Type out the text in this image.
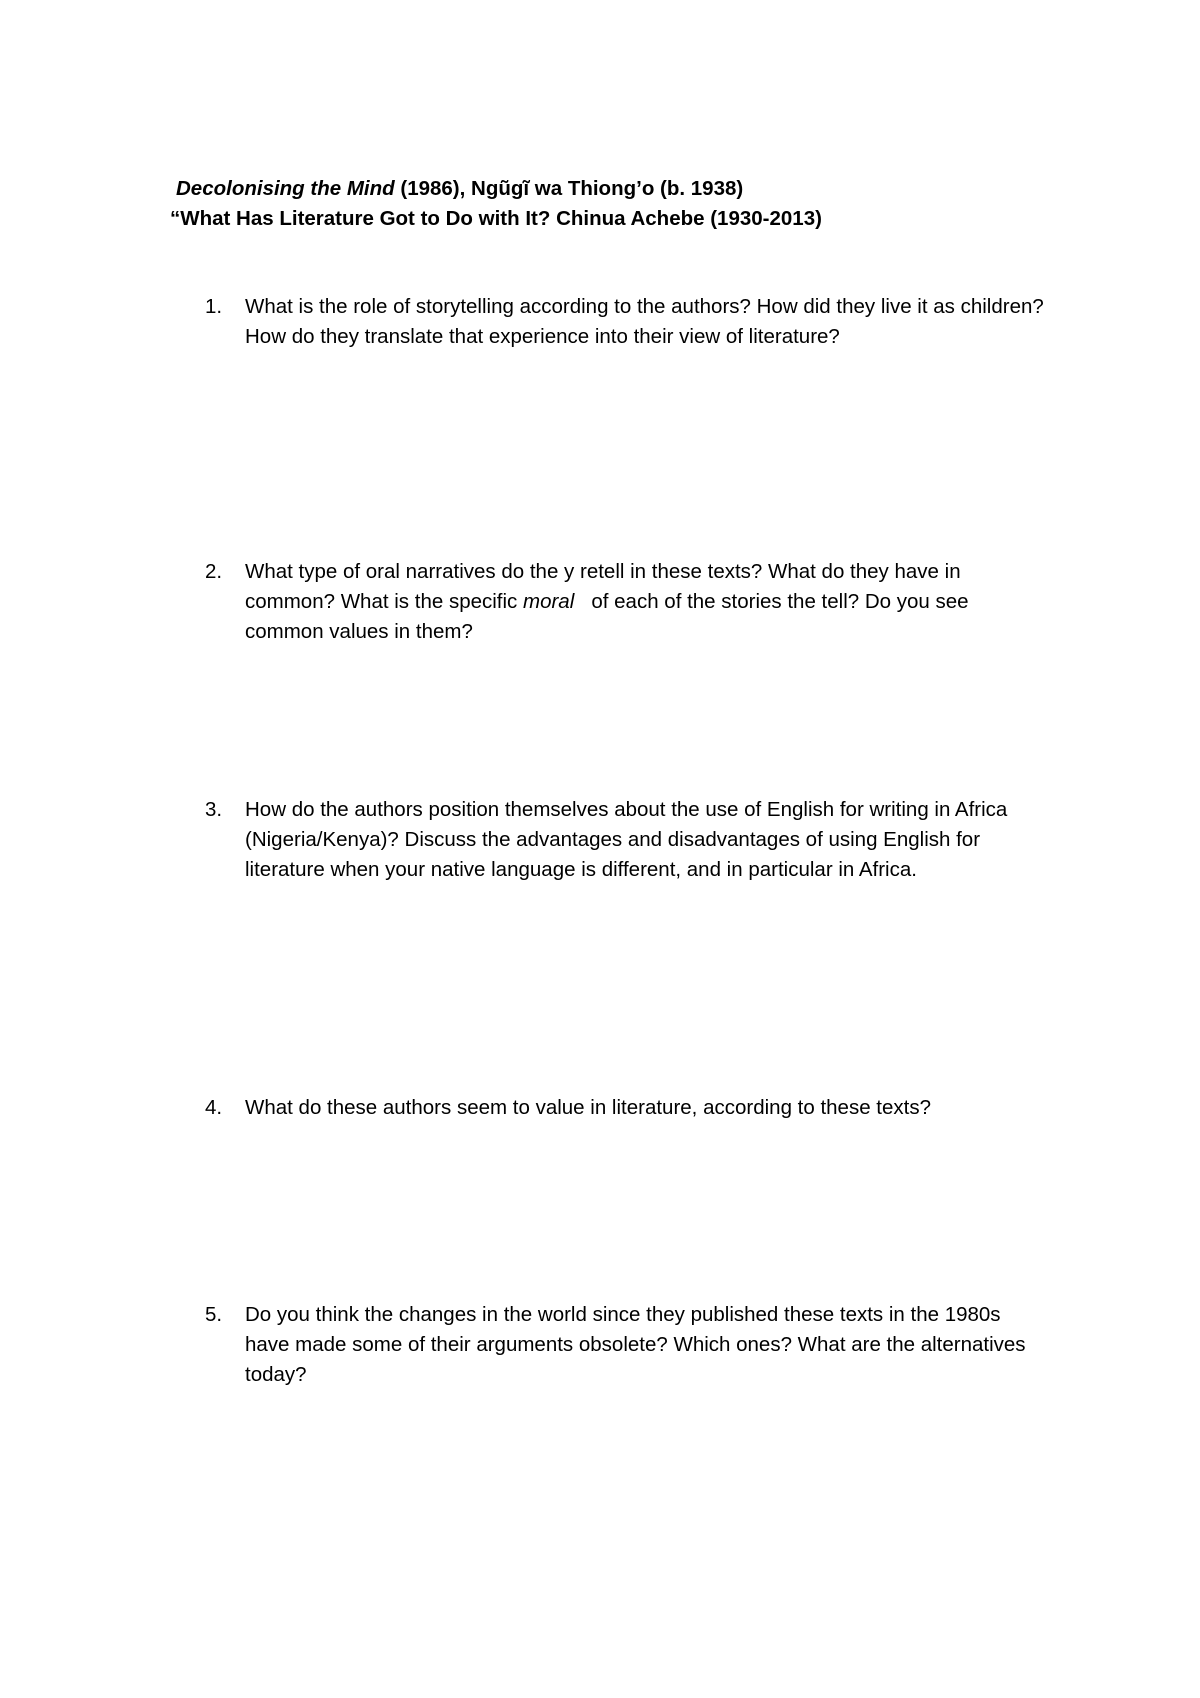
Decolonising the Mind (1986), Ngũgĩ wa Thiong’o (b. 1938)
“What Has Literature Got to Do with It? Chinua Achebe (1930-2013)
1.	What is the role of storytelling according to the authors? How did they live it as children? How do they translate that experience into their view of literature?
2.	What type of oral narratives do the y retell in these texts? What do they have in common? What is the specific moral   of each of the stories the tell? Do you see common values in them?
3.	How do the authors position themselves about the use of English for writing in Africa (Nigeria/Kenya)? Discuss the advantages and disadvantages of using English for literature when your native language is different, and in particular in Africa.
4.	What do these authors seem to value in literature, according to these texts?
5.	Do you think the changes in the world since they published these texts in the 1980s have made some of their arguments obsolete? Which ones? What are the alternatives today?
